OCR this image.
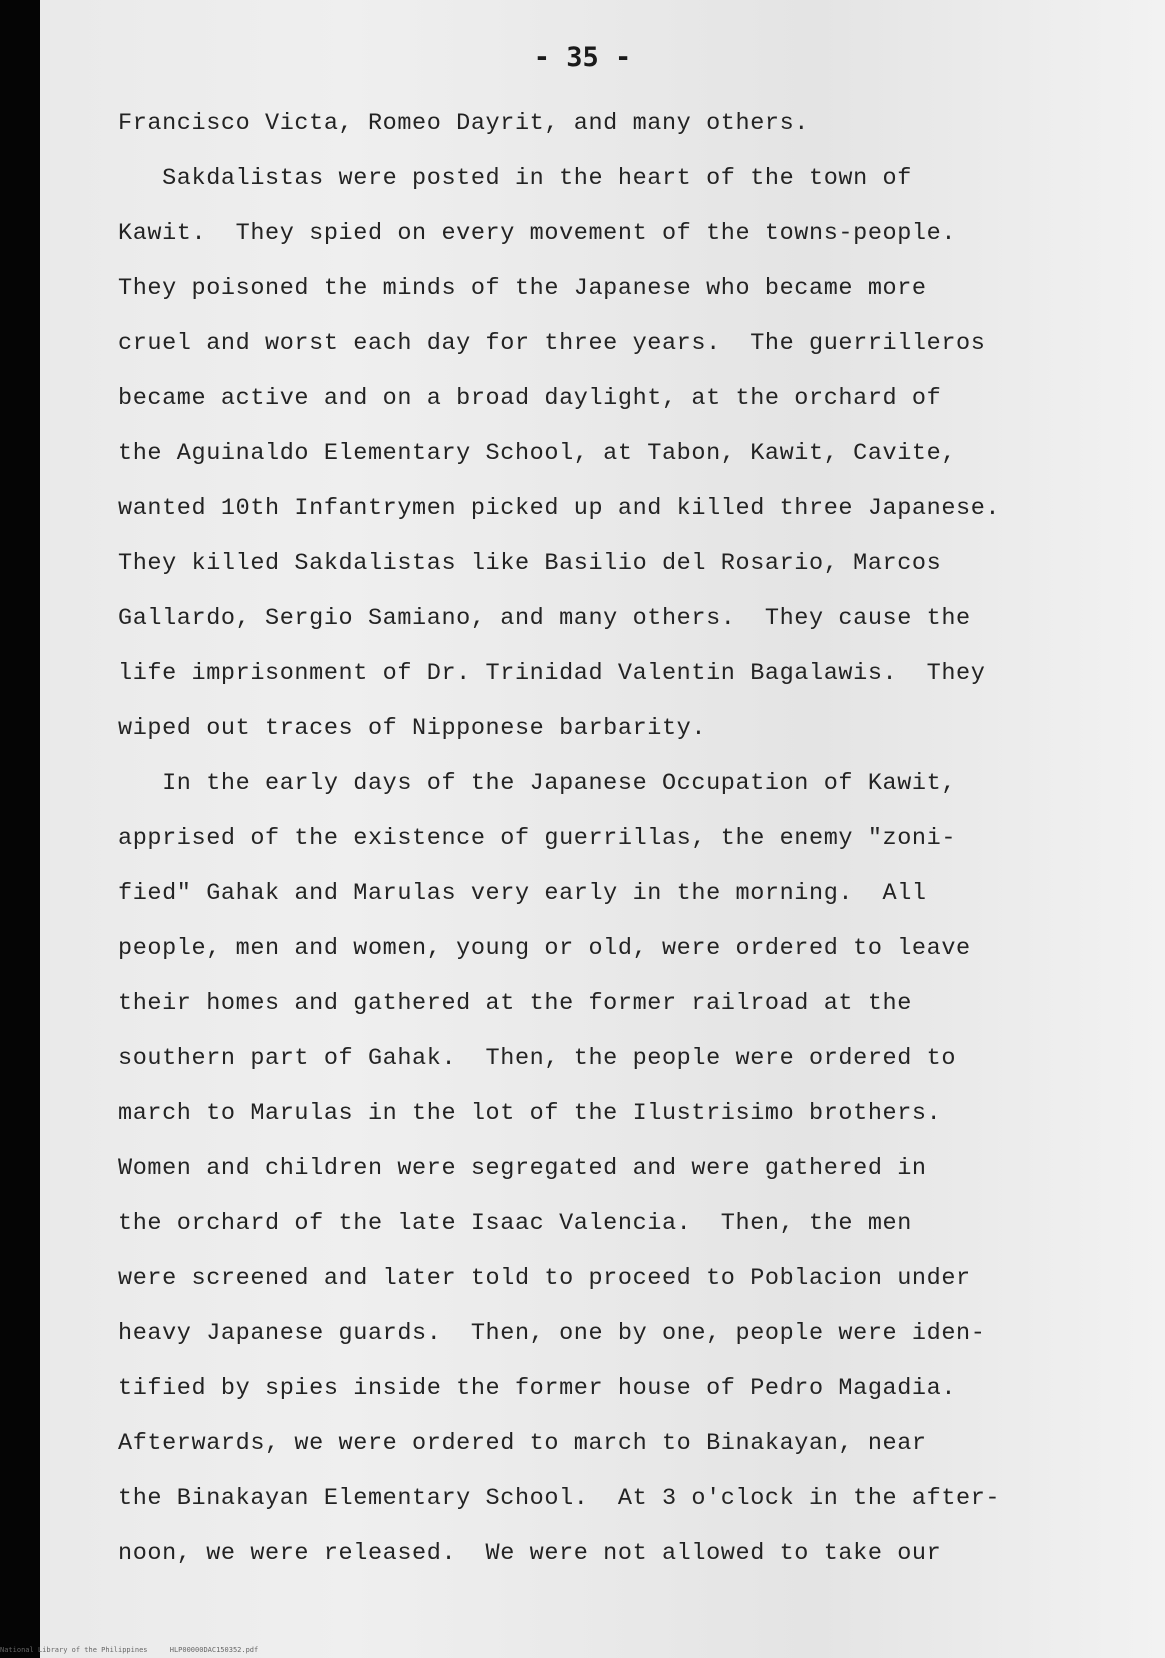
- 35 -
Francisco Victa, Romeo Dayrit, and many others.
Sakdalistas were posted in the heart of the town of
Kawit.  They spied on every movement of the towns-people.
They poisoned the minds of the Japanese who became more
cruel and worst each day for three years.  The guerrilleros
became active and on a broad daylight, at the orchard of
the Aguinaldo Elementary School, at Tabon, Kawit, Cavite,
wanted 10th Infantrymen picked up and killed three Japanese.
They killed Sakdalistas like Basilio del Rosario, Marcos
Gallardo, Sergio Samiano, and many others.  They cause the
life imprisonment of Dr. Trinidad Valentin Bagalawis.  They
wiped out traces of Nipponese barbarity.
In the early days of the Japanese Occupation of Kawit,
apprised of the existence of guerrillas, the enemy "zoni-
fied" Gahak and Marulas very early in the morning.  All
people, men and women, young or old, were ordered to leave
their homes and gathered at the former railroad at the
southern part of Gahak.  Then, the people were ordered to
march to Marulas in the lot of the Ilustrisimo brothers.
Women and children were segregated and were gathered in
the orchard of the late Isaac Valencia.  Then, the men
were screened and later told to proceed to Poblacion under
heavy Japanese guards.  Then, one by one, people were iden-
tified by spies inside the former house of Pedro Magadia.
Afterwards, we were ordered to march to Binakayan, near
the Binakayan Elementary School.  At 3 o'clock in the after-
noon, we were released.  We were not allowed to take our
National Library of the Philippines	HLP00000DAC150352.pdf
